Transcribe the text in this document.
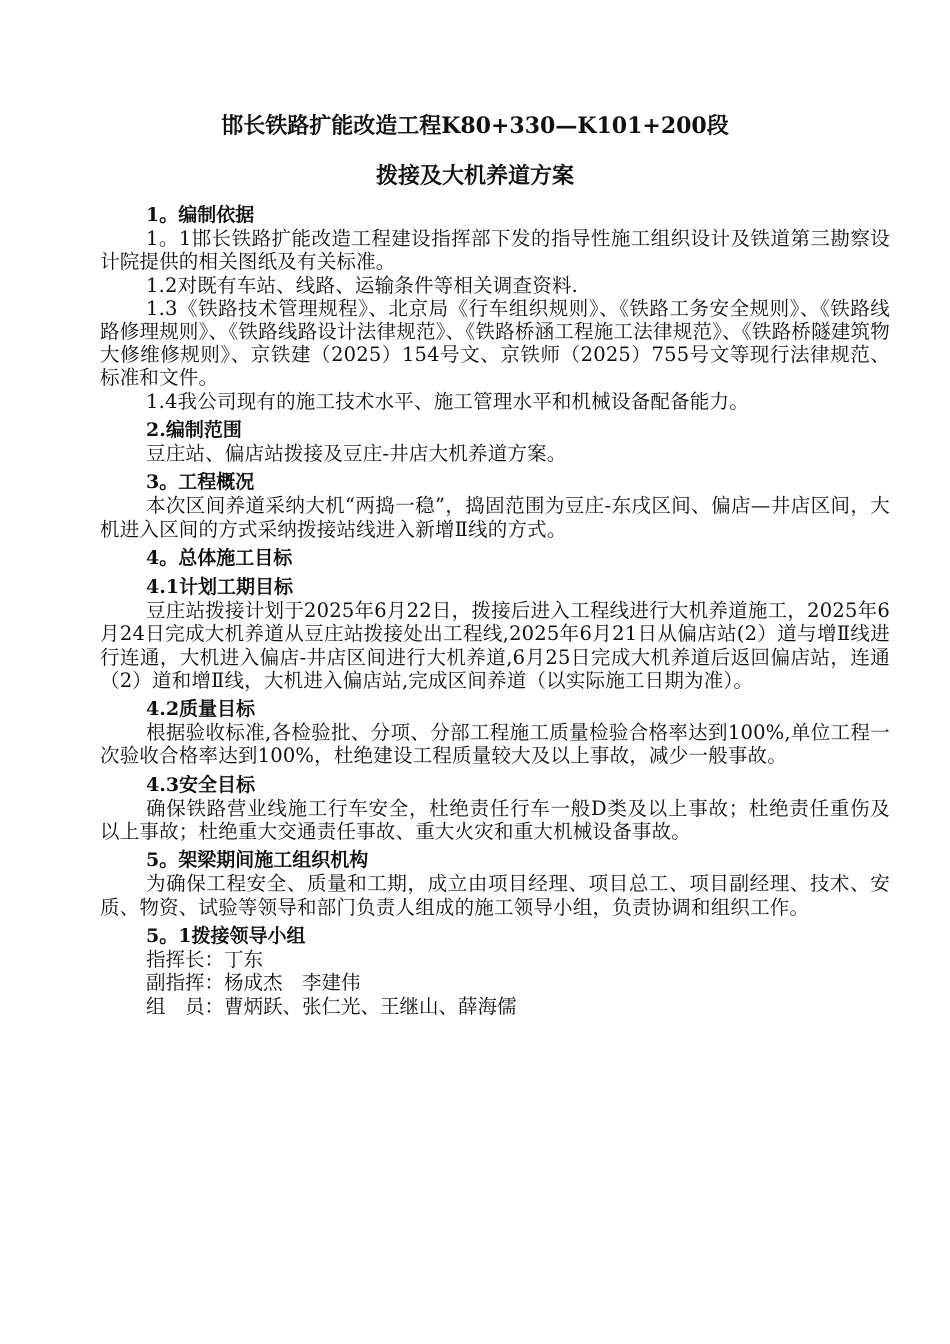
邯长铁路扩能改造工程K80+330—K101+200段
拨接及大机养道方案

1。编制依据

1。1邯长铁路扩能改造工程建设指挥部下发的指导性施工组织设计及铁道第三勘察设计院提供的相关图纸及有关标准。

1.2对既有车站、线路、运输条件等相关调查资料.

1.3《铁路技术管理规程》、北京局《行车组织规则》、《铁路工务安全规则》、《铁路线路修理规则》、《铁路线路设计法律规范》、《铁路桥涵工程施工法律规范》、《铁路桥隧建筑物大修维修规则》、京铁建（2025）154号文、京铁师（2025）755号文等现行法律规范、标准和文件。

1.4我公司现有的施工技术水平、施工管理水平和机械设备配备能力。

2.编制范围

豆庄站、偏店站拨接及豆庄-井店大机养道方案。

3。工程概况

本次区间养道采纳大机“两捣一稳”，捣固范围为豆庄-东戌区间、偏店—井店区间，大机进入区间的方式采纳拨接站线进入新增Ⅱ线的方式。

4。总体施工目标

4.1计划工期目标

豆庄站拨接计划于2025年6月22日，拨接后进入工程线进行大机养道施工，2025年6月24日完成大机养道从豆庄站拨接处出工程线,2025年6月21日从偏店站(2）道与增Ⅱ线进行连通，大机进入偏店-井店区间进行大机养道,6月25日完成大机养道后返回偏店站，连通（2）道和增Ⅱ线，大机进入偏店站,完成区间养道（以实际施工日期为准）。

4.2质量目标

根据验收标准,各检验批、分项、分部工程施工质量检验合格率达到100%,单位工程一次验收合格率达到100%，杜绝建设工程质量较大及以上事故，减少一般事故。

4.3安全目标

确保铁路营业线施工行车安全，杜绝责任行车一般D类及以上事故；杜绝责任重伤及以上事故；杜绝重大交通责任事故、重大火灾和重大机械设备事故。

5。架梁期间施工组织机构

为确保工程安全、质量和工期，成立由项目经理、项目总工、项目副经理、技术、安质、物资、试验等领导和部门负责人组成的施工领导小组，负责协调和组织工作。

5。1拨接领导小组

指挥长：丁东

副指挥：杨成杰　李建伟

组　员：曹炳跃、张仁光、王继山、薛海儒
